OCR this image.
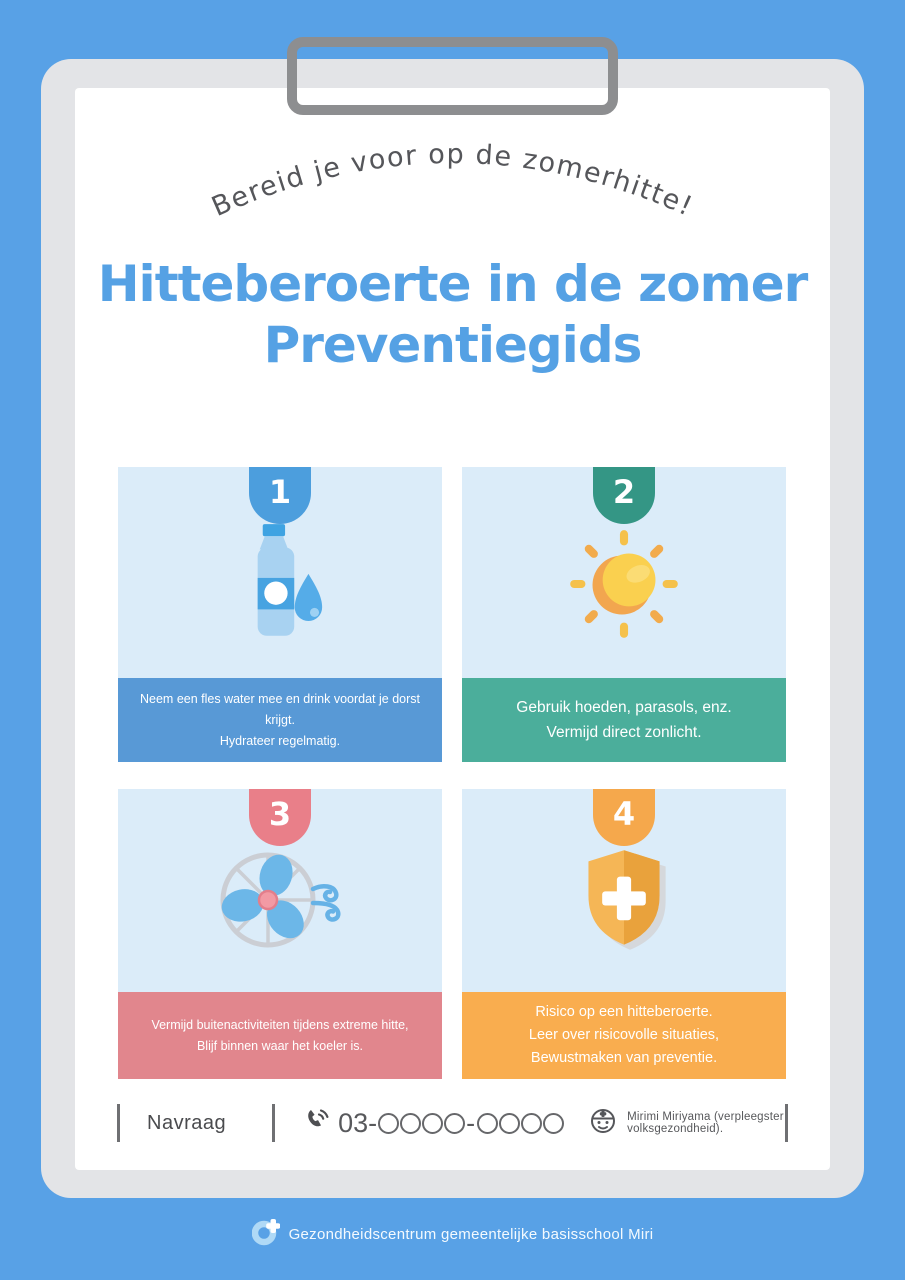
Bereid je voor op de zomerhitte!
Hitteberoerte in de zomer
Preventiegids
1
Neem een fles water mee en drink voordat je dorst krijgt.
Hydrateer regelmatig.
2
Gebruik hoeden, parasols, enz.
Vermijd direct zonlicht.
3
Vermijd buitenactiviteiten tijdens extreme hitte,
Blijf binnen waar het koeler is.
4
Risico op een hitteberoerte.
Leer over risicovolle situaties,
Bewustmaken van preventie.
Navraag	03-	-	Mirimi Miriyama (verpleegster volksgezondheid).
Gezondheidscentrum gemeentelijke basisschool Miri
